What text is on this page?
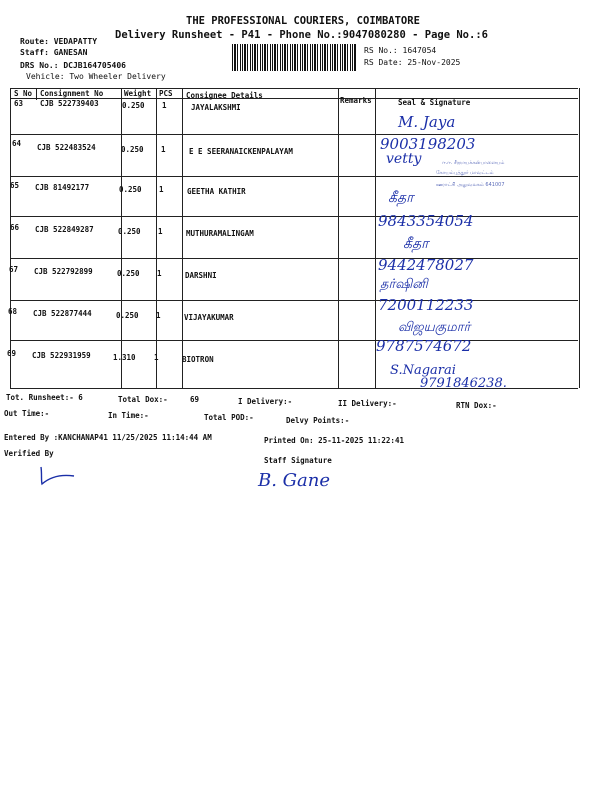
THE PROFESSIONAL COURIERS, COIMBATORE
Delivery Runsheet - P41 - Phone No.:9047080280 - Page No.:6
Route: VEDAPATTY
Staff: GANESAN
DRS No.: DCJB164705406
Vehicle: Two Wheeler Delivery
RS No.: 1647054
RS Date: 25-Nov-2025
S No Consignment No	Weight PCS Consignee Details
Remarks	Seal & Signature
63 CJB 522739403	0.250 1	JAYALAKSHMI
M. Jaya
9003198203
64 CJB 522483524	0.250 1	E E SEERANAICKENPALAYAM	vetty	ஈ.ஈ. சீரநாயக்கன்பாளையம்
கோயம்புத்தூர் மாவட்டம்
ஊராட்சி அலுவலகம் 641007
65 CJB 81492177	0.250 1	GEETHA KATHIR	கீதா
9843354054
66 CJB 522849287	0.250 1	MUTHURAMALINGAM
கீதா
9442478027
67 CJB 522792899	0.250 1	DARSHNI
தர்ஷினி
7200112233
68 CJB 522877444	0.250 1	VIJAYAKUMAR
விஜயகுமார்
9787574672
69 CJB 522931959	1.310 1	BIOTRON
S.Nagarai
9791846238.
Tot. Runsheet:- 6	Total Dox:-	69	I Delivery:-	II Delivery:-	RTN Dox:-
Out Time:-	In Time:-	Total POD:-	Delvy Points:-
Entered By :KANCHANAP41 11/25/2025 11:14:44 AM	Printed On: 25-11-2025 11:22:41
Verified By
Staff Signature
B. Gane
